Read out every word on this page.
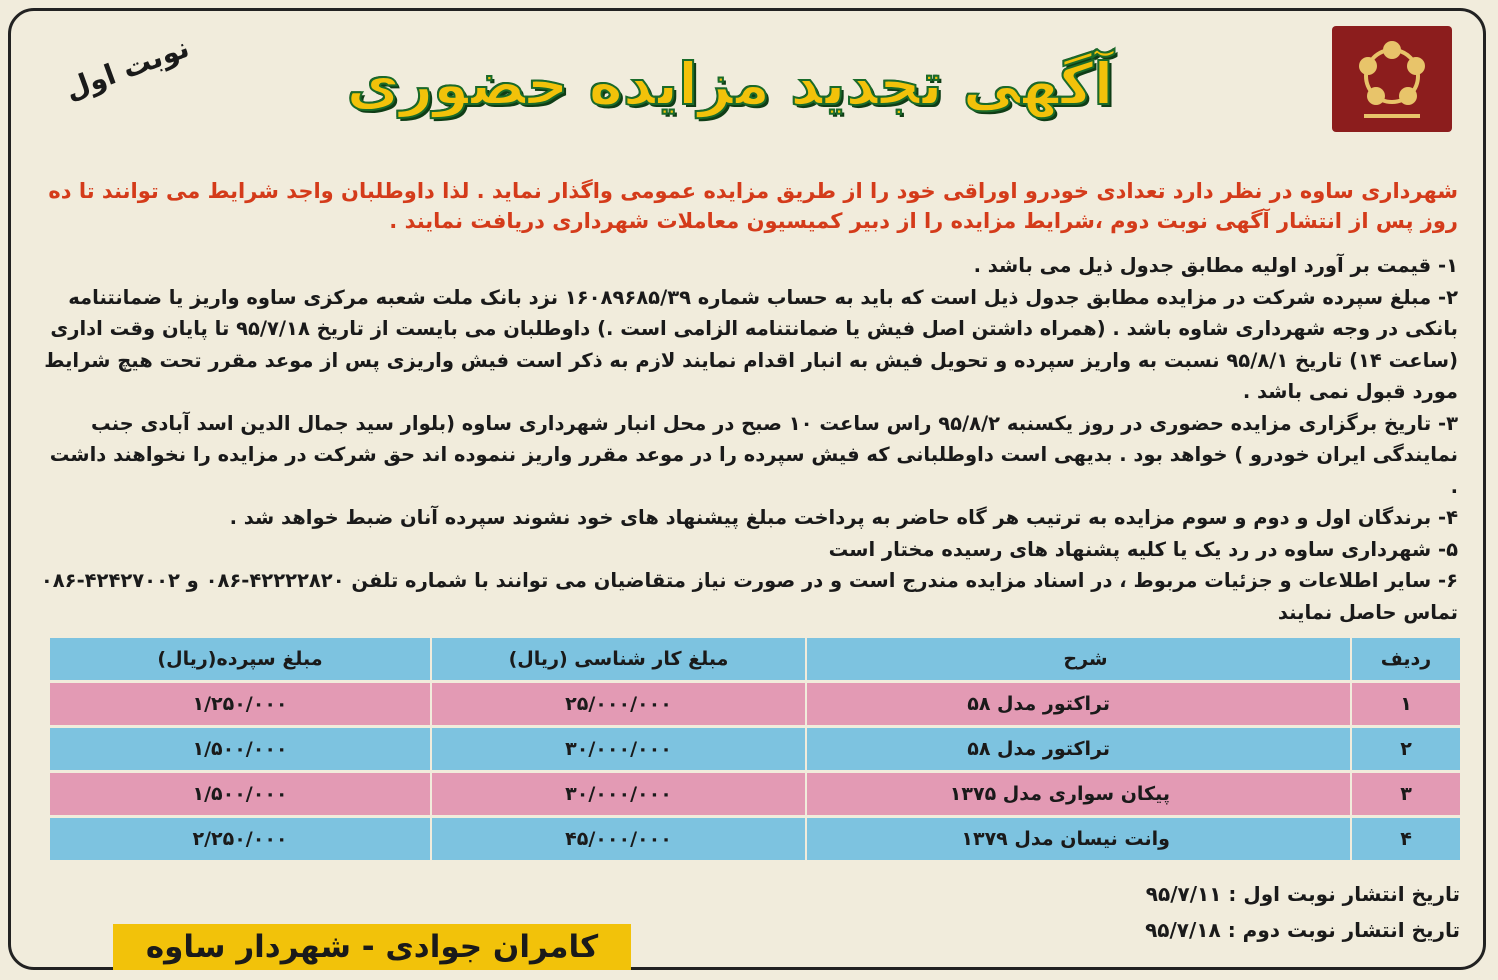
نوبت اول	آگهی تجدید مزایده حضوری
شهرداری ساوه در نظر دارد تعدادی خودرو اوراقی خود را از طریق مزایده عمومی واگذار نماید . لذا داوطلبان واجد شرایط می توانند تا ده روز پس از انتشار آگهی نوبت دوم ،شرایط مزایده را از دبیر کمیسیون معاملات شهرداری دریافت نمایند .

۱- قیمت بر آورد اولیه مطابق جدول ذیل می باشد .

۲- مبلغ سپرده شرکت در مزایده مطابق جدول ذیل است که باید به حساب شماره ۱۶۰۸۹۶۸۵/۳۹ نزد بانک ملت شعبه مرکزی ساوه واریز یا ضمانتنامه بانکی در وجه شهرداری شاوه باشد . (همراه داشتن اصل فیش یا ضمانتنامه الزامی است .) داوطلبان می بایست از تاریخ ۹۵/۷/۱۸ تا پایان وقت اداری (ساعت ۱۴) تاریخ ۹۵/۸/۱ نسبت به واریز سپرده و تحویل فیش به انبار اقدام نمایند لازم به ذکر است فیش واریزی پس از موعد مقرر تحت هیچ شرایط مورد قبول نمی باشد .

۳- تاریخ برگزاری مزایده حضوری در روز یکسنبه ۹۵/۸/۲ راس ساعت ۱۰ صبح در محل انبار شهرداری ساوه (بلوار سید جمال الدین اسد آبادی جنب نمایندگی ایران خودرو ) خواهد بود . بدیهی است داوطلبانی که فیش سپرده را در موعد مقرر واریز ننموده اند حق شرکت در مزایده را نخواهند داشت .

۴- برندگان اول و دوم و سوم مزایده به ترتیب هر گاه حاضر به پرداخت مبلغ پیشنهاد های خود نشوند سپرده آنان ضبط خواهد شد .

۵- شهرداری ساوه در رد یک یا کلیه پشنهاد های رسیده مختار است

۶- سایر اطلاعات و جزئیات مربوط ، در اسناد مزایده مندرج است و در صورت نیاز متقاضیان می توانند با شماره تلفن ۴۲۲۲۲۸۲۰-۰۸۶ و ۴۲۴۲۷۰۰۲-۰۸۶ تماس حاصل نمایند

ردیف
شرح
مبلغ کار شناسی (ریال)
مبلغ سپرده(ریال)
۱
تراکتور مدل ۵۸
۲۵/۰۰۰/۰۰۰
۱/۲۵۰/۰۰۰
۲
تراکتور مدل ۵۸
۳۰/۰۰۰/۰۰۰
۱/۵۰۰/۰۰۰
۳
پیکان سواری مدل ۱۳۷۵
۳۰/۰۰۰/۰۰۰
۱/۵۰۰/۰۰۰
۴
وانت نیسان مدل ۱۳۷۹
۴۵/۰۰۰/۰۰۰
۲/۲۵۰/۰۰۰
تاریخ انتشار نوبت اول : ۹۵/۷/۱۱
تاریخ انتشار نوبت دوم : ۹۵/۷/۱۸
کامران جوادی - شهردار ساوه
